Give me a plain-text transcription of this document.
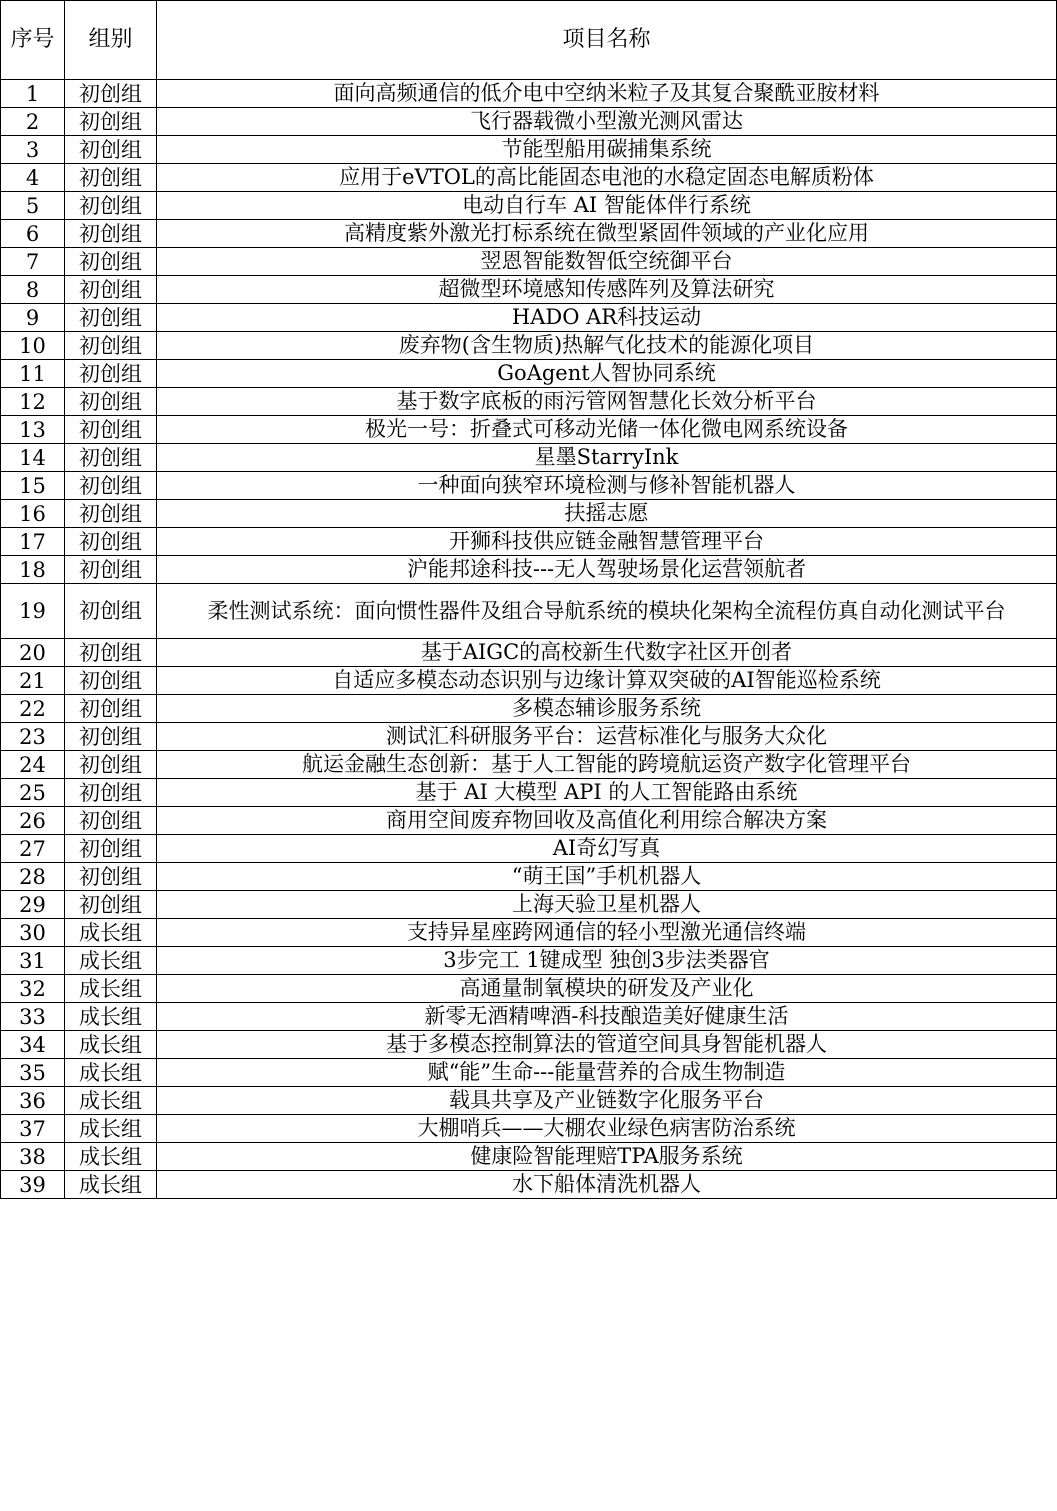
序号	组别	项目名称
1	初创组	面向高频通信的低介电中空纳米粒子及其复合聚酰亚胺材料
2	初创组	飞行器载微小型激光测风雷达
3	初创组	节能型船用碳捕集系统
4	初创组	应用于eVTOL的高比能固态电池的水稳定固态电解质粉体
5	初创组	电动自行车 AI 智能体伴行系统
6	初创组	高精度紫外激光打标系统在微型紧固件领域的产业化应用
7	初创组	翌恩智能数智低空统御平台
8	初创组	超微型环境感知传感阵列及算法研究
9	初创组	HADO AR科技运动
10	初创组	废弃物(含生物质)热解气化技术的能源化项目
11	初创组	GoAgent人智协同系统
12	初创组	基于数字底板的雨污管网智慧化长效分析平台
13	初创组	极光一号：折叠式可移动光储一体化微电网系统设备
14	初创组	星墨StarryInk
15	初创组	一种面向狭窄环境检测与修补智能机器人
16	初创组	扶摇志愿
17	初创组	开狮科技供应链金融智慧管理平台
18	初创组	沪能邦途科技---无人驾驶场景化运营领航者
19	初创组	柔性测试系统：面向惯性器件及组合导航系统的模块化架构全流程仿真自动化测试平台
20	初创组	基于AIGC的高校新生代数字社区开创者
21	初创组	自适应多模态动态识别与边缘计算双突破的AI智能巡检系统
22	初创组	多模态辅诊服务系统
23	初创组	测试汇科研服务平台：运营标准化与服务大众化
24	初创组	航运金融生态创新：基于人工智能的跨境航运资产数字化管理平台
25	初创组	基于 AI 大模型 API 的人工智能路由系统
26	初创组	商用空间废弃物回收及高值化利用综合解决方案
27	初创组	AI奇幻写真
28	初创组	“萌王国”手机机器人
29	初创组	上海天验卫星机器人
30	成长组	支持异星座跨网通信的轻小型激光通信终端
31	成长组	3步完工 1键成型 独创3步法类器官
32	成长组	高通量制氧模块的研发及产业化
33	成长组	新零无酒精啤酒-科技酿造美好健康生活
34	成长组	基于多模态控制算法的管道空间具身智能机器人
35	成长组	赋“能”生命---能量营养的合成生物制造
36	成长组	载具共享及产业链数字化服务平台
37	成长组	大棚哨兵——大棚农业绿色病害防治系统
38	成长组	健康险智能理赔TPA服务系统
39	成长组	水下船体清洗机器人
